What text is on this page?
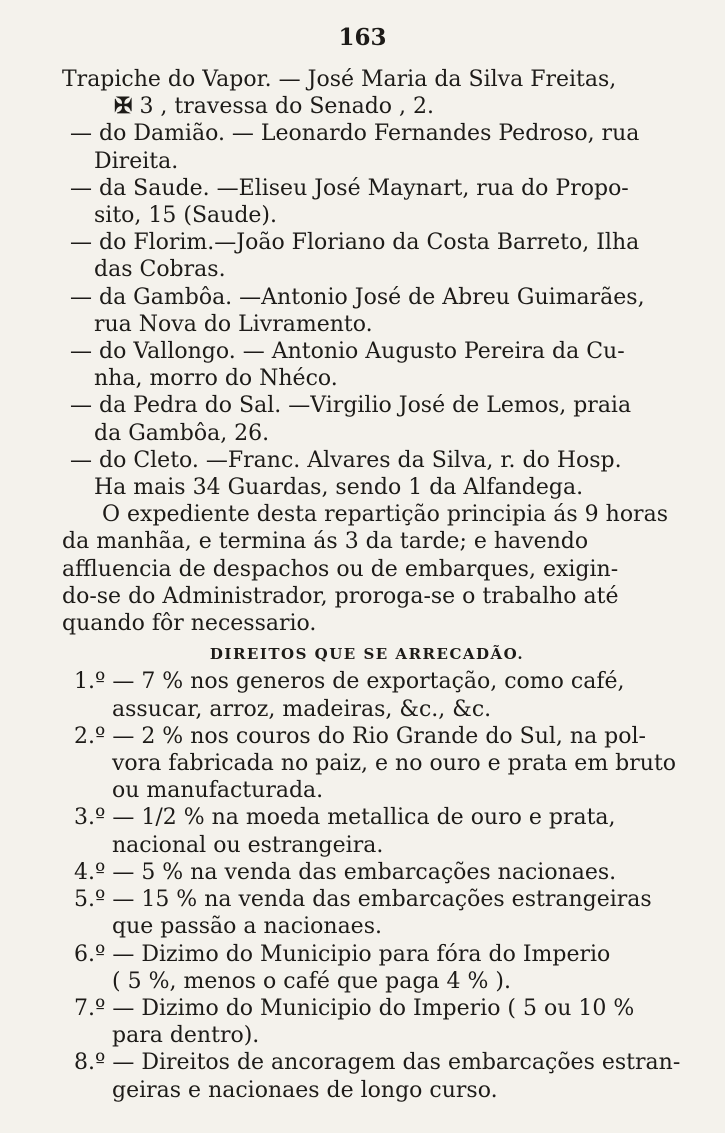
163
Trapiche do Vapor. — José Maria da Silva Freitas,
✠ 3 , travessa do Senado , 2.
— do Damião. — Leonardo Fernandes Pedroso, rua
Direita.
— da Saude. —Eliseu José Maynart, rua do Propo-
sito, 15 (Saude).
— do Florim.—João Floriano da Costa Barreto, Ilha
das Cobras.
— da Gambôa. —Antonio José de Abreu Guimarães,
rua Nova do Livramento.
— do Vallongo. — Antonio Augusto Pereira da Cu-
nha, morro do Nhéco.
— da Pedra do Sal. —Virgilio José de Lemos, praia
da Gambôa, 26.
— do Cleto. —Franc. Alvares da Silva, r. do Hosp.
Ha mais 34 Guardas, sendo 1 da Alfandega.
O expediente desta repartição principia ás 9 horas
da manhãa, e termina ás 3 da tarde; e havendo
affluencia de despachos ou de embarques, exigin-
do-se do Administrador, proroga-se o trabalho até
quando fôr necessario.
DIREITOS QUE SE ARRECADÃO.
1.º — 7 % nos generos de exportação, como café,
assucar, arroz, madeiras, &c., &c.
2.º — 2 % nos couros do Rio Grande do Sul, na pol-
vora fabricada no paiz, e no ouro e prata em bruto
ou manufacturada.
3.º — 1/2 % na moeda metallica de ouro e prata,
nacional ou estrangeira.
4.º — 5 % na venda das embarcações nacionaes.
5.º — 15 % na venda das embarcações estrangeiras
que passão a nacionaes.
6.º — Dizimo do Municipio para fóra do Imperio
( 5 %, menos o café que paga 4 % ).
7.º — Dizimo do Municipio do Imperio ( 5 ou 10 %
para dentro).
8.º — Direitos de ancoragem das embarcações estran-
geiras e nacionaes de longo curso.
